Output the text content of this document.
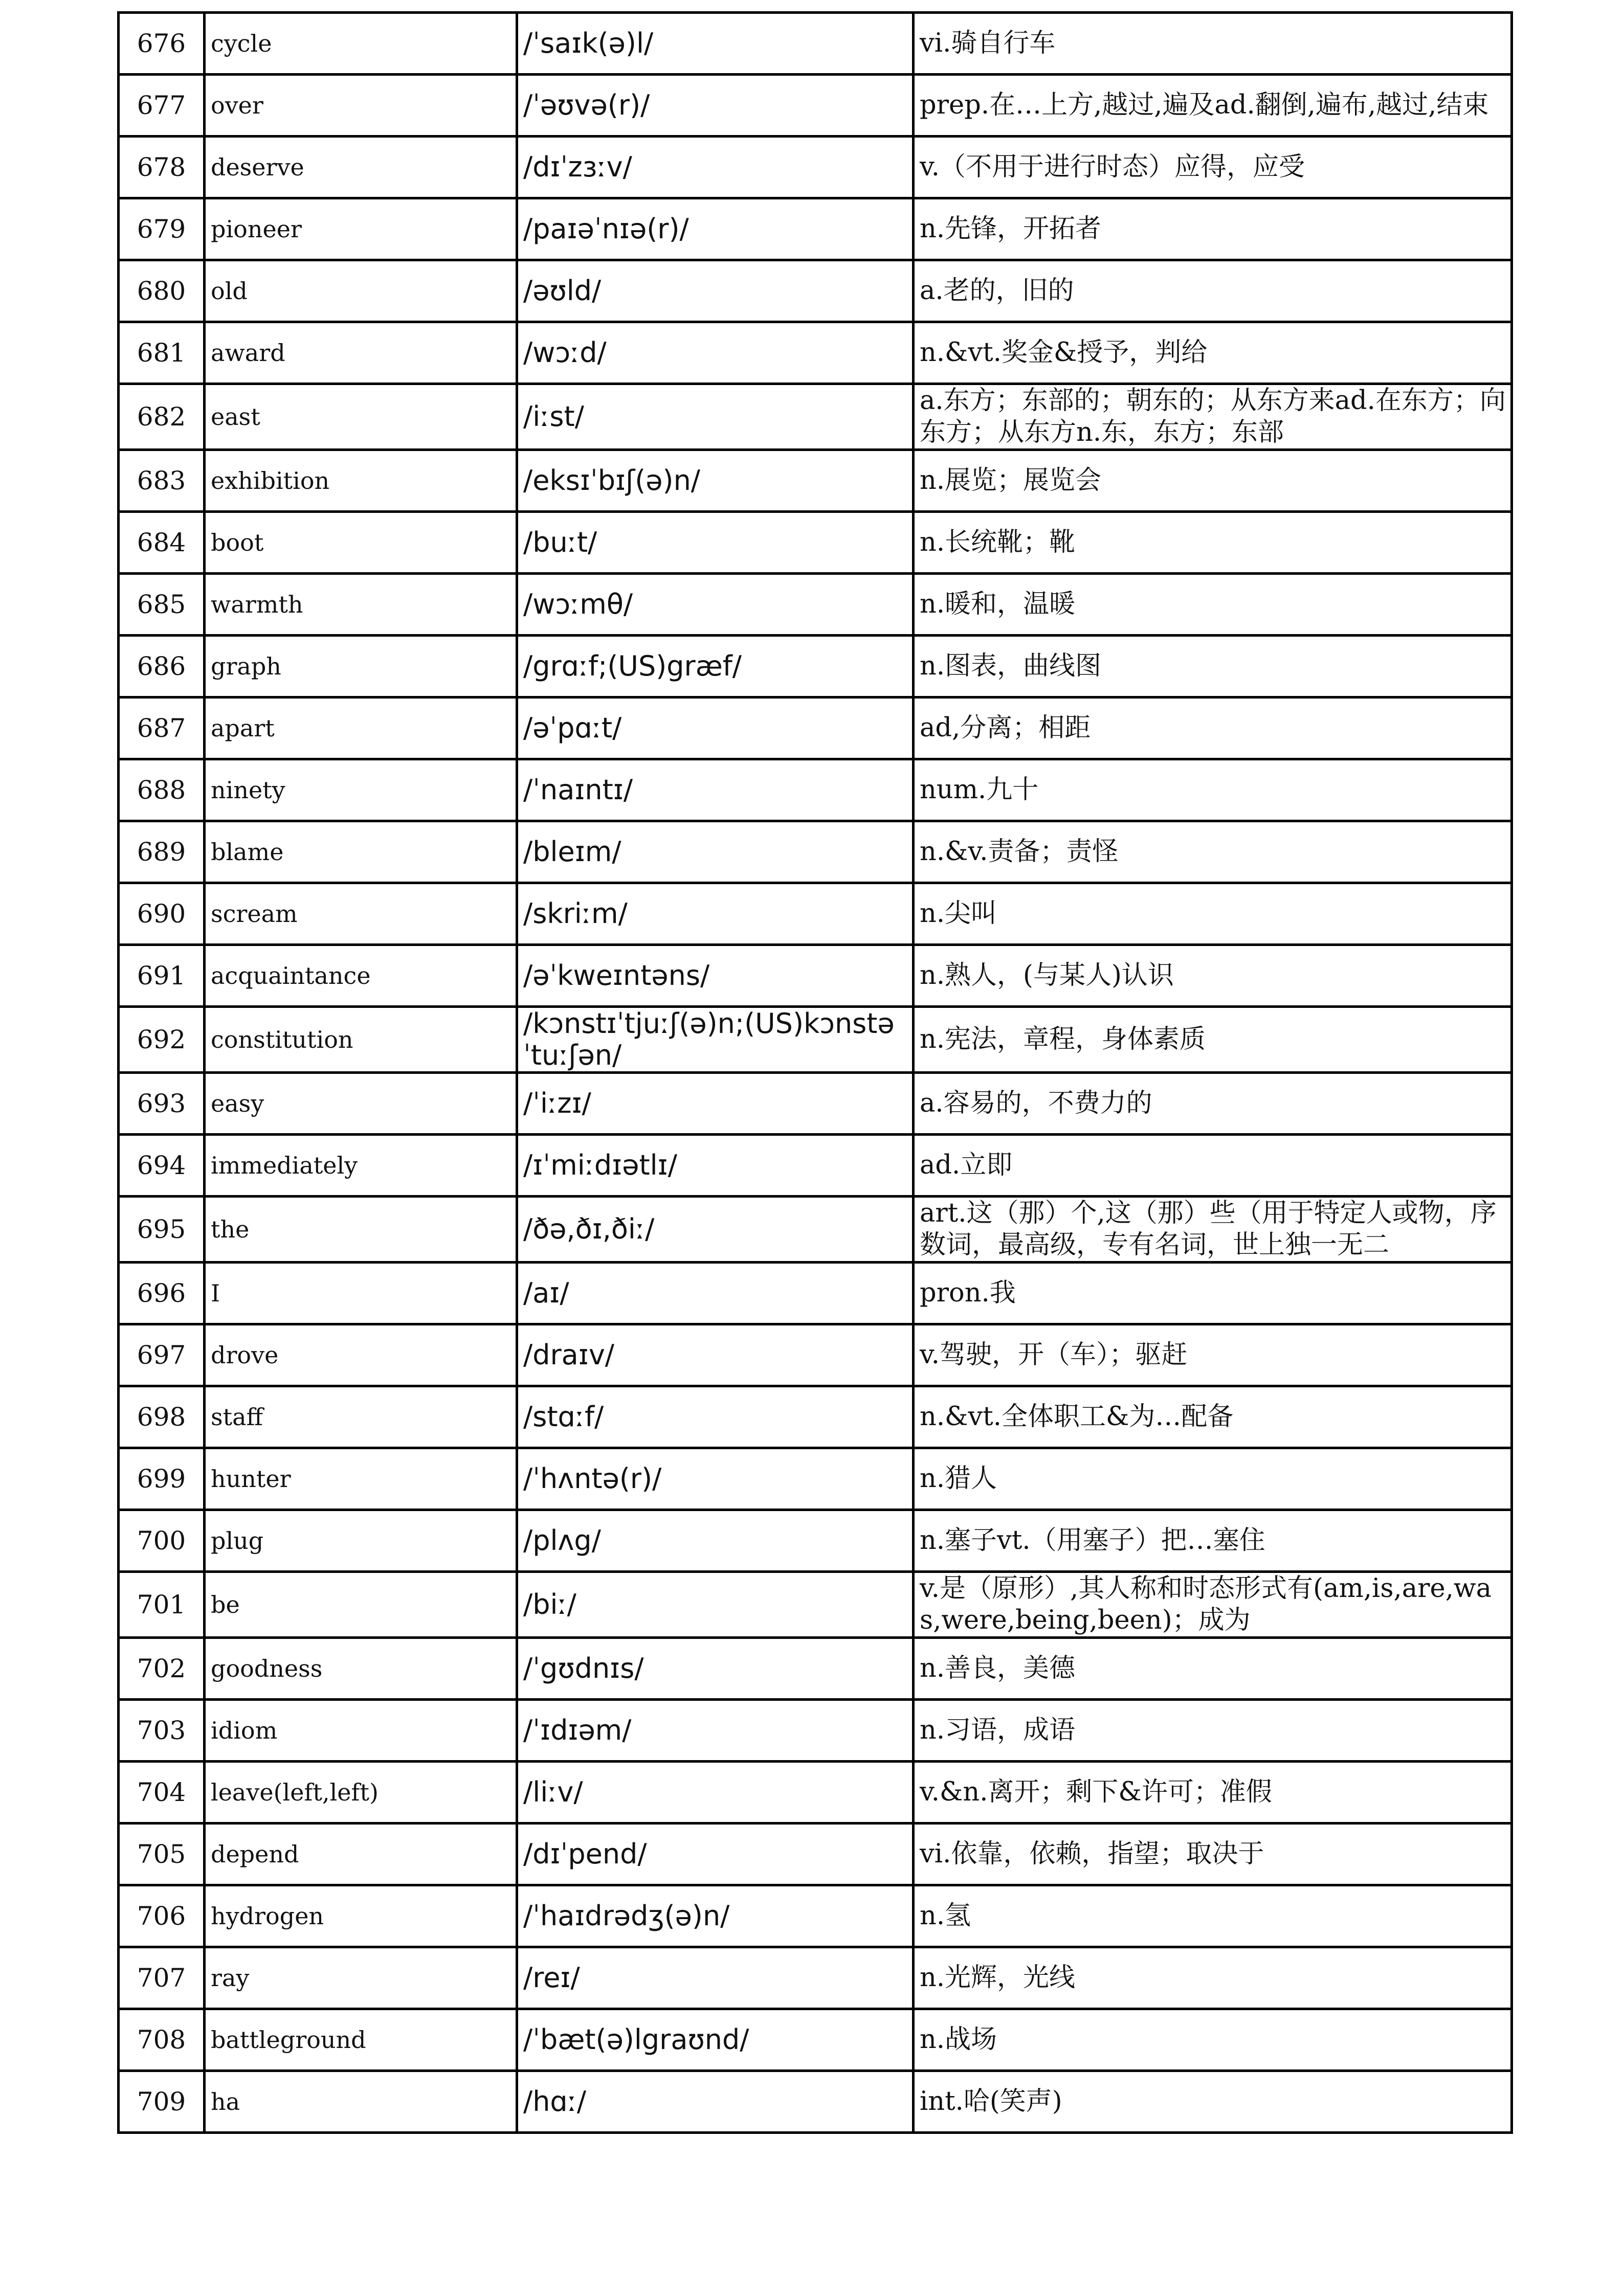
676	cycle	/ˈsaɪk(ə)l/	vi.骑自行车
677	over	/ˈəʊvə(r)/	prep.在…上方,越过,遍及ad.翻倒,遍布,越过,结束
678	deserve	/dɪˈzɜːv/	v.（不用于进行时态）应得，应受
679	pioneer	/paɪəˈnɪə(r)/	n.先锋，开拓者
680	old	/əʊld/	a.老的，旧的
681	award	/wɔːd/	n.&vt.奖金&授予，判给
682	east	/iːst/	a.东方；东部的；朝东的；从东方来ad.在东方；向东方；从东方n.东，东方；东部
683	exhibition	/eksɪˈbɪʃ(ə)n/	n.展览；展览会
684	boot	/buːt/	n.长统靴；靴
685	warmth	/wɔːmθ/	n.暖和，温暖
686	graph	/grɑːf;(US)græf/	n.图表，曲线图
687	apart	/əˈpɑːt/	ad,分离；相距
688	ninety	/ˈnaɪntɪ/	num.九十
689	blame	/bleɪm/	n.&v.责备；责怪
690	scream	/skriːm/	n.尖叫
691	acquaintance	/əˈkweɪntəns/	n.熟人，(与某人)认识
692	constitution	/kɔnstɪˈtjuːʃ(ə)n;(US)kɔnstəˈtuːʃən/	n.宪法，章程，身体素质
693	easy	/ˈiːzɪ/	a.容易的，不费力的
694	immediately	/ɪˈmiːdɪətlɪ/	ad.立即
695	the	/ðə,ðɪ,ðiː/	art.这（那）个,这（那）些（用于特定人或物，序数词，最高级，专有名词，世上独一无二
696	I	/aɪ/	pron.我
697	drove	/draɪv/	v.驾驶，开（车）；驱赶
698	staff	/stɑːf/	n.&vt.全体职工&为…配备
699	hunter	/ˈhʌntə(r)/	n.猎人
700	plug	/plʌg/	n.塞子vt.（用塞子）把…塞住
701	be	/biː/	v.是（原形）,其人称和时态形式有(am,is,are,was,were,being,been)；成为
702	goodness	/ˈgʊdnɪs/	n.善良，美德
703	idiom	/ˈɪdɪəm/	n.习语，成语
704	leave(left,left)	/liːv/	v.&n.离开；剩下&许可；准假
705	depend	/dɪˈpend/	vi.依靠，依赖，指望；取决于
706	hydrogen	/ˈhaɪdrədʒ(ə)n/	n.氢
707	ray	/reɪ/	n.光辉，光线
708	battleground	/ˈbæt(ə)lgraʊnd/	n.战场
709	ha	/hɑː/	int.哈(笑声)
